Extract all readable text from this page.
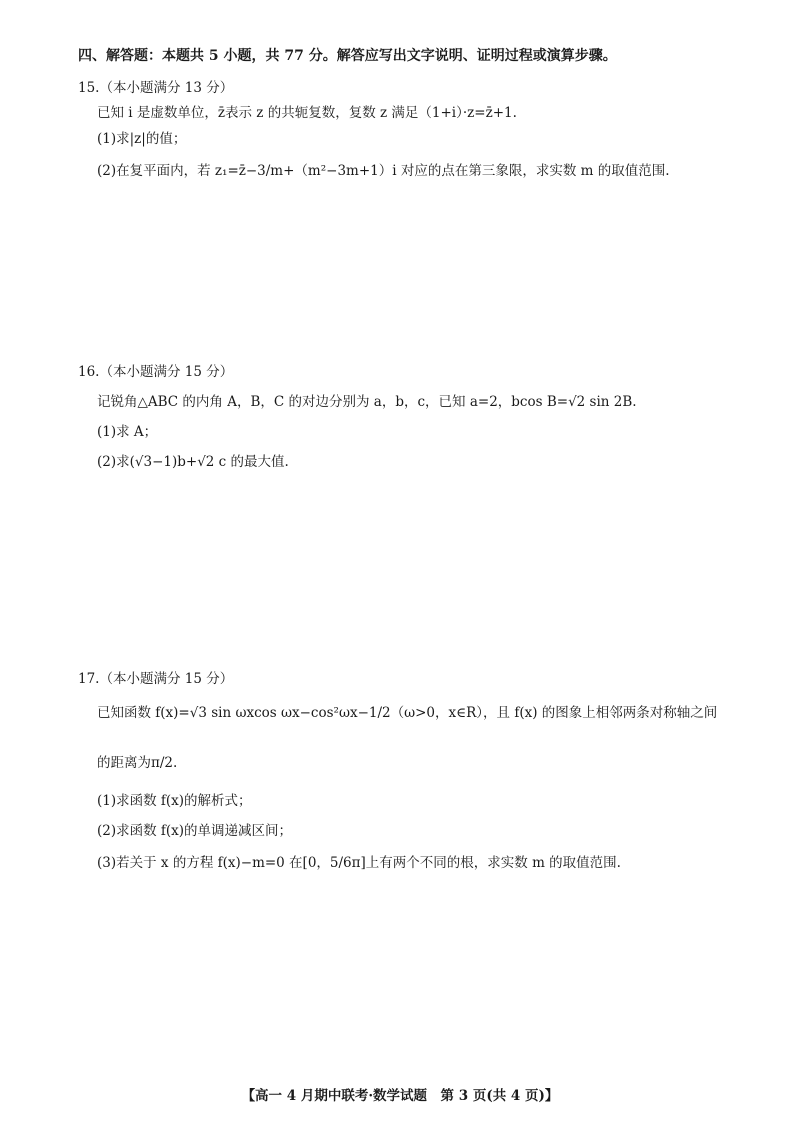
四、解答题：本题共 5 小题，共 77 分。解答应写出文字说明、证明过程或演算步骤。
15.（本小题满分 13 分）
已知 i 是虚数单位，z̄表示 z 的共轭复数，复数 z 满足（1+i）·z=z̄+1.
(1)求|z|的值；
(2)在复平面内，若 z₁=z̄−3/m+（m²−3m+1）i 对应的点在第三象限，求实数 m 的取值范围.
16.（本小题满分 15 分）
记锐角△ABC 的内角 A，B，C 的对边分别为 a，b，c，已知 a=2，bcos B=√2 sin 2B.
(1)求 A；
(2)求(√3−1)b+√2 c 的最大值.
17.（本小题满分 15 分）
已知函数 f(x)=√3 sin ωxcos ωx−cos²ωx−1/2（ω>0，x∈R），且 f(x) 的图象上相邻两条对称轴之间
的距离为π/2.
(1)求函数 f(x)的解析式；
(2)求函数 f(x)的单调递减区间；
(3)若关于 x 的方程 f(x)−m=0 在[0，5/6π]上有两个不同的根，求实数 m 的取值范围.
【高一 4 月期中联考·数学试题　第 3 页(共 4 页)】
